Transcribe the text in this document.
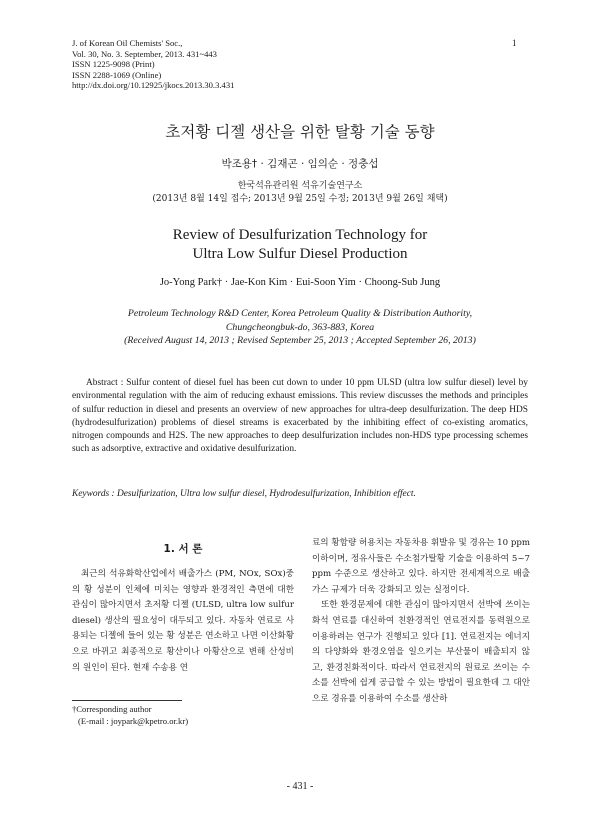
J. of Korean Oil Chemists' Soc.,
Vol. 30, No. 3. September, 2013. 431~443
ISSN 1225-9098 (Print)
ISSN 2288-1069 (Online)
http://dx.doi.org/10.12925/jkocs.2013.30.3.431
1
초저황 디젤 생산을 위한 탈황 기술 동향
박조용† · 김재곤 · 임의순 · 정충섭
한국석유관리원 석유기술연구소
(2013년 8월 14일 접수; 2013년 9월 25일 수정; 2013년 9월 26일 채택)
Review of Desulfurization Technology for
Ultra Low Sulfur Diesel Production
Jo-Yong Park† · Jae-Kon Kim · Eui-Soon Yim · Choong-Sub Jung
Petroleum Technology R&D Center, Korea Petroleum Quality & Distribution Authority,
Chungcheongbuk-do, 363-883, Korea
(Received August 14, 2013 ; Revised September 25, 2013 ; Accepted September 26, 2013)
Abstract : Sulfur content of diesel fuel has been cut down to under 10 ppm ULSD (ultra low sulfur diesel) level by environmental regulation with the aim of reducing exhaust emissions. This review discusses the methods and principles of sulfur reduction in diesel and presents an overview of new approaches for ultra-deep desulfurization. The deep HDS (hydrodesulfurization) problems of diesel streams is exacerbated by the inhibiting effect of co-existing aromatics, nitrogen compounds and H2S. The new approaches to deep desulfurization includes non-HDS type processing schemes such as adsorptive, extractive and oxidative desulfurization.
Keywords : Desulfurization, Ultra low sulfur diesel, Hydrodesulfurization, Inhibition effect.
1. 서 론

최근의 석유화학산업에서 배출가스 (PM, NOx, SOx)중의 황 성분이 인체에 미치는 영향과 환경적인 측면에 대한 관심이 많아지면서 초저황 디젤 (ULSD, ultra low sulfur diesel) 생산의 필요성이 대두되고 있다. 자동차 연료로 사용되는 디젤에 들어 있는 황 성분은 연소하고 나면 이산화황으로 바뀌고 최종적으로 황산이나 아황산으로 변해 산성비의 원인이 된다. 현재 수송용 연

료의 황함량 허용치는 자동차용 휘발유 및 경유는 10 ppm 이하이며, 정유사들은 수소첨가탈황 기술을 이용하여 5~7 ppm 수준으로 생산하고 있다. 하지만 전세계적으로 배출가스 규제가 더욱 강화되고 있는 실정이다.

또한 환경문제에 대한 관심이 많아지면서 선박에 쓰이는 화석 연료를 대신하여 친환경적인 연료전지를 동력원으로 이용하려는 연구가 진행되고 있다 [1]. 연료전지는 에너지의 다양화와 환경오염을 일으키는 부산물이 배출되지 않고, 환경친화적이다. 따라서 연료전지의 원료로 쓰이는 수소를 선박에 쉽게 공급할 수 있는 방법이 필요한데 그 대안으로 경유를 이용하여 수소를 생산하

†Corresponding author
(E-mail : joypark@kpetro.or.kr)
- 431 -
